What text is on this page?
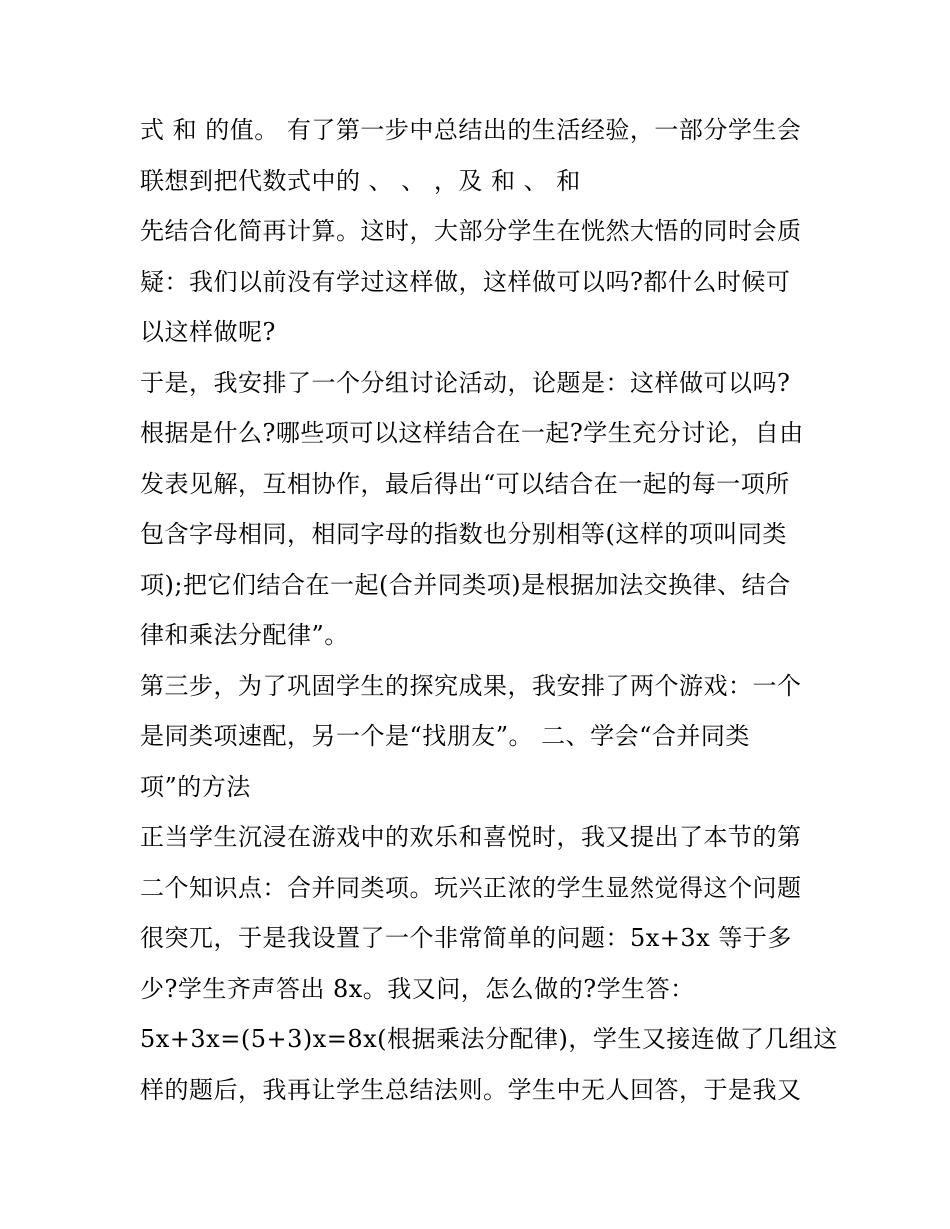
式 和 的值。 有了第一步中总结出的生活经验，一部分学生会
联想到把代数式中的 、 、 ，及 和 、 和
先结合化简再计算。这时，大部分学生在恍然大悟的同时会质
疑：我们以前没有学过这样做，这样做可以吗?都什么时候可
以这样做呢?
于是，我安排了一个分组讨论活动，论题是：这样做可以吗?
根据是什么?哪些项可以这样结合在一起?学生充分讨论，自由
发表见解，互相协作，最后得出“可以结合在一起的每一项所
包含字母相同，相同字母的指数也分别相等(这样的项叫同类
项);把它们结合在一起(合并同类项)是根据加法交换律、结合
律和乘法分配律”。
第三步，为了巩固学生的探究成果，我安排了两个游戏：一个
是同类项速配，另一个是“找朋友”。 二、学会“合并同类
项”的方法
正当学生沉浸在游戏中的欢乐和喜悦时，我又提出了本节的第
二个知识点：合并同类项。玩兴正浓的学生显然觉得这个问题
很突兀，于是我设置了一个非常简单的问题：5x+3x 等于多
少?学生齐声答出 8x。我又问，怎么做的?学生答：
5x+3x=(5+3)x=8x(根据乘法分配律)，学生又接连做了几组这
样的题后，我再让学生总结法则。学生中无人回答，于是我又
